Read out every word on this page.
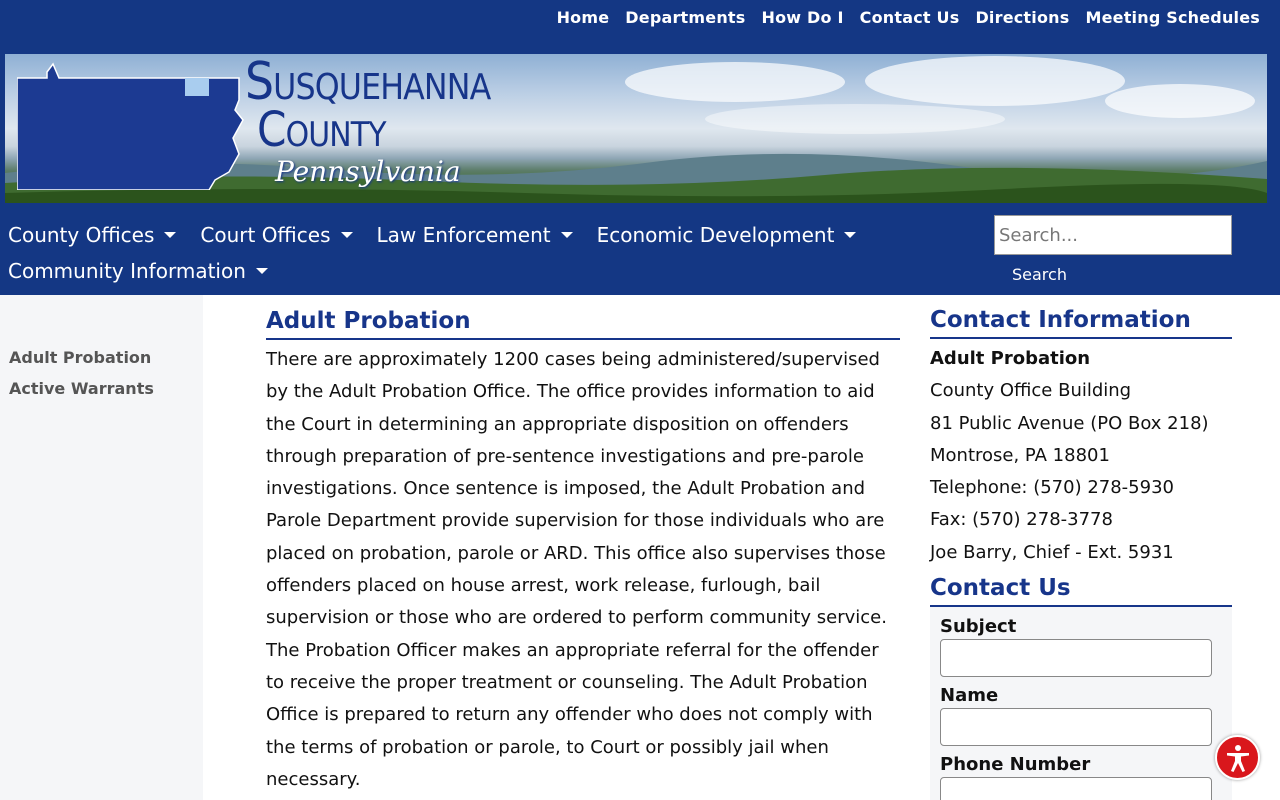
Home	Departments	How Do I	Contact Us	Directions	Meeting Schedules
Susquehanna
County
Pennsylvania
County Offices Court Offices Law Enforcement Economic Development
Community Information
Search...	Search
Adult Probation
Active Warrants
Adult Probation

There are approximately 1200 cases being administered/supervised by the Adult Probation Office. The office provides information to aid the Court in determining an appropriate disposition on offenders through preparation of pre-sentence investigations and pre-parole investigations. Once sentence is imposed, the Adult Probation and Parole Department provide supervision for those individuals who are placed on probation, parole or ARD. This office also supervises those offenders placed on house arrest, work release, furlough, bail supervision or those who are ordered to perform community service. The Probation Officer makes an appropriate referral for the offender to receive the proper treatment or counseling. The Adult Probation Office is prepared to return any offender who does not comply with the terms of probation or parole, to Court or possibly jail when necessary.

Contact Information
Adult Probation
County Office Building
81 Public Avenue (PO Box 218)
Montrose, PA 18801
Telephone: (570) 278-5930
Fax: (570) 278-3778
Joe Barry, Chief - Ext. 5931
Contact Us
Subject
Name
Phone Number
